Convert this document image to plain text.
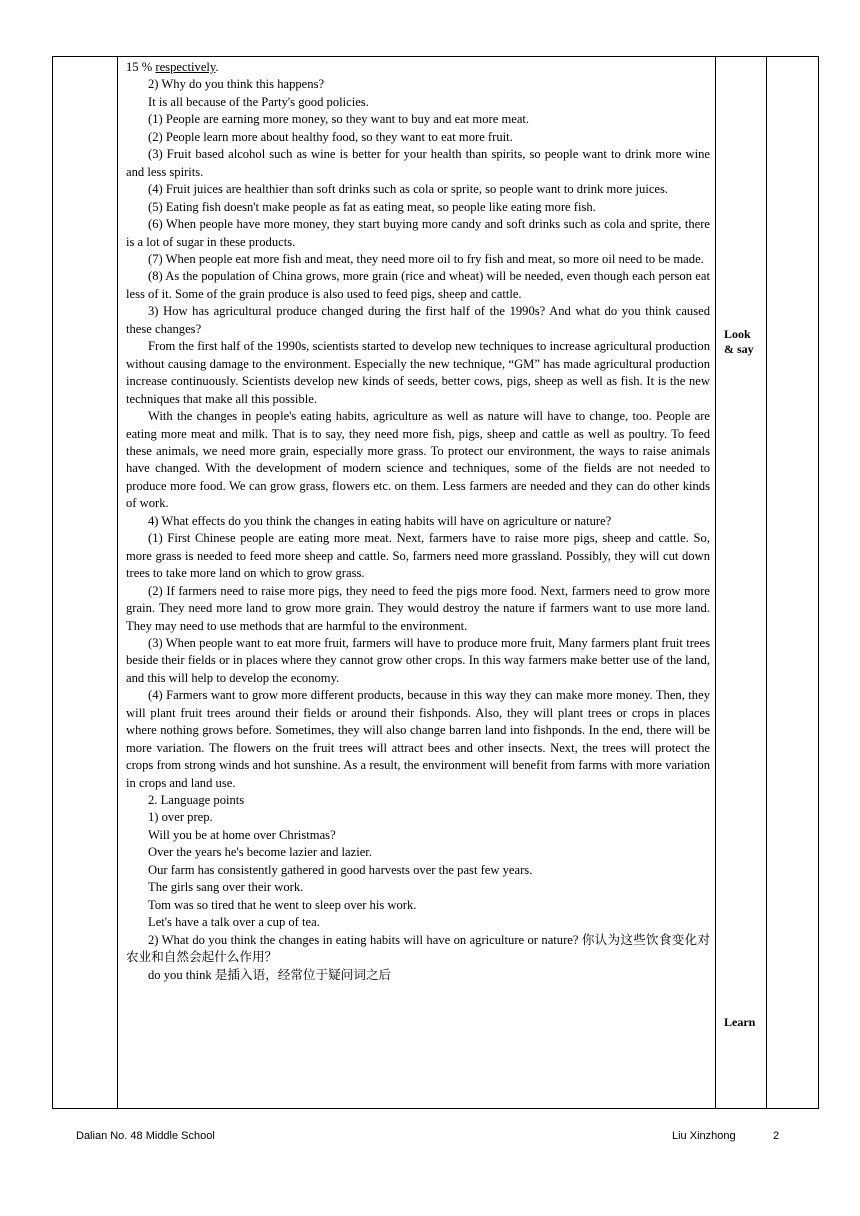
15 % respectively.

2) Why do you think this happens?

It is all because of the Party's good policies.

(1) People are earning more money, so they want to buy and eat more meat.

(2) People learn more about healthy food, so they want to eat more fruit.

(3) Fruit based alcohol such as wine is better for your health than spirits, so people want to drink more wine and less spirits.

(4) Fruit juices are healthier than soft drinks such as cola or sprite, so people want to drink more juices.

(5) Eating fish doesn't make people as fat as eating meat, so people like eating more fish.

(6) When people have more money, they start buying more candy and soft drinks such as cola and sprite, there is a lot of sugar in these products.

(7) When people eat more fish and meat, they need more oil to fry fish and meat, so more oil need to be made.

(8) As the population of China grows, more grain (rice and wheat) will be needed, even though each person eat less of it. Some of the grain produce is also used to feed pigs, sheep and cattle.

3) How has agricultural produce changed during the first half of the 1990s? And what do you think caused these changes?

From the first half of the 1990s, scientists started to develop new techniques to increase agricultural production without causing damage to the environment. Especially the new technique, “GM” has made agricultural production increase continuously. Scientists develop new kinds of seeds, better cows, pigs, sheep as well as fish. It is the new techniques that make all this possible.

With the changes in people's eating habits, agriculture as well as nature will have to change, too. People are eating more meat and milk. That is to say, they need more fish, pigs, sheep and cattle as well as poultry. To feed these animals, we need more grain, especially more grass. To protect our environment, the ways to raise animals have changed. With the development of modern science and techniques, some of the fields are not needed to produce more food. We can grow grass, flowers etc. on them. Less farmers are needed and they can do other kinds of work.

4) What effects do you think the changes in eating habits will have on agriculture or nature?

(1) First Chinese people are eating more meat. Next, farmers have to raise more pigs, sheep and cattle. So, more grass is needed to feed more sheep and cattle. So, farmers need more grassland. Possibly, they will cut down trees to take more land on which to grow grass.

(2) If farmers need to raise more pigs, they need to feed the pigs more food. Next, farmers need to grow more grain. They need more land to grow more grain. They would destroy the nature if farmers want to use more land. They may need to use methods that are harmful to the environment.

(3) When people want to eat more fruit, farmers will have to produce more fruit, Many farmers plant fruit trees beside their fields or in places where they cannot grow other crops. In this way farmers make better use of the land, and this will help to develop the economy.

(4) Farmers want to grow more different products, because in this way they can make more money. Then, they will plant fruit trees around their fields or around their fishponds. Also, they will plant trees or crops in places where nothing grows before. Sometimes, they will also change barren land into fishponds. In the end, there will be more variation. The flowers on the fruit trees will attract bees and other insects. Next, the trees will protect the crops from strong winds and hot sunshine. As a result, the environment will benefit from farms with more variation in crops and land use.

2. Language points

1) over prep.

Will you be at home over Christmas?

Over the years he's become lazier and lazier.

Our farm has consistently gathered in good harvests over the past few years.

The girls sang over their work.

Tom was so tired that he went to sleep over his work.

Let's have a talk over a cup of tea.

2) What do you think the changes in eating habits will have on agriculture or nature? 你认为这些饮食变化对农业和自然会起什么作用？

do you think 是插入语，经常位于疑问词之后

Look
& say
Learn
Dalian No. 48 Middle School	Liu Xinzhong	2
